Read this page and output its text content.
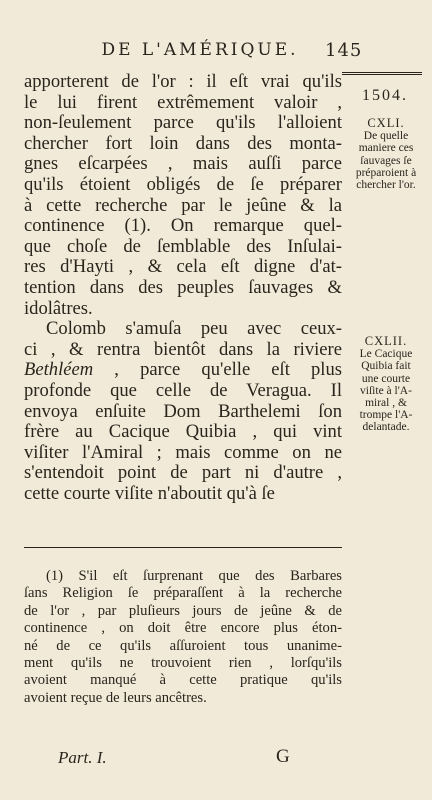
DE L'AMÉRIQUE.	145
apporterent de l'or : il eſt vrai qu'ils
le lui firent extrêmement valoir ,
non-ſeulement parce qu'ils l'alloient
chercher fort loin dans des monta-
gnes eſcarpées , mais auſſi parce
qu'ils étoient obligés de ſe préparer
à cette recherche par le jeûne & la
continence (1). On remarque quel-
que choſe de ſemblable des Inſulai-
res d'Hayti , & cela eſt digne d'at-
tention dans des peuples ſauvages &
idolâtres.
Colomb s'amuſa peu avec ceux-
ci , & rentra bientôt dans la riviere
Bethléem , parce qu'elle eſt plus
profonde que celle de Veragua. Il
envoya enſuite Dom Barthelemi ſon
frère au Cacique Quibia , qui vint
viſiter l'Amiral ; mais comme on ne
s'entendoit point de part ni d'autre ,
cette courte viſite n'aboutit qu'à ſe
1504.
CXLI.
De quelle
maniere ces
ſauvages ſe
préparoient à
chercher l'or.
CXLII.
Le Cacique
Quibia fait
une courte
viſite à l'A-
miral , &
trompe l'A-
delantade.
(1) S'il eſt ſurprenant que des Barbares
ſans Religion ſe préparaſſent à la recherche
de l'or , par pluſieurs jours de jeûne & de
continence , on doit être encore plus éton-
né de ce qu'ils aſſuroient tous unanime-
ment qu'ils ne trouvoient rien , lorſqu'ils
avoient manqué à cette pratique qu'ils
avoient reçue de leurs ancêtres.
Part. I.	G
